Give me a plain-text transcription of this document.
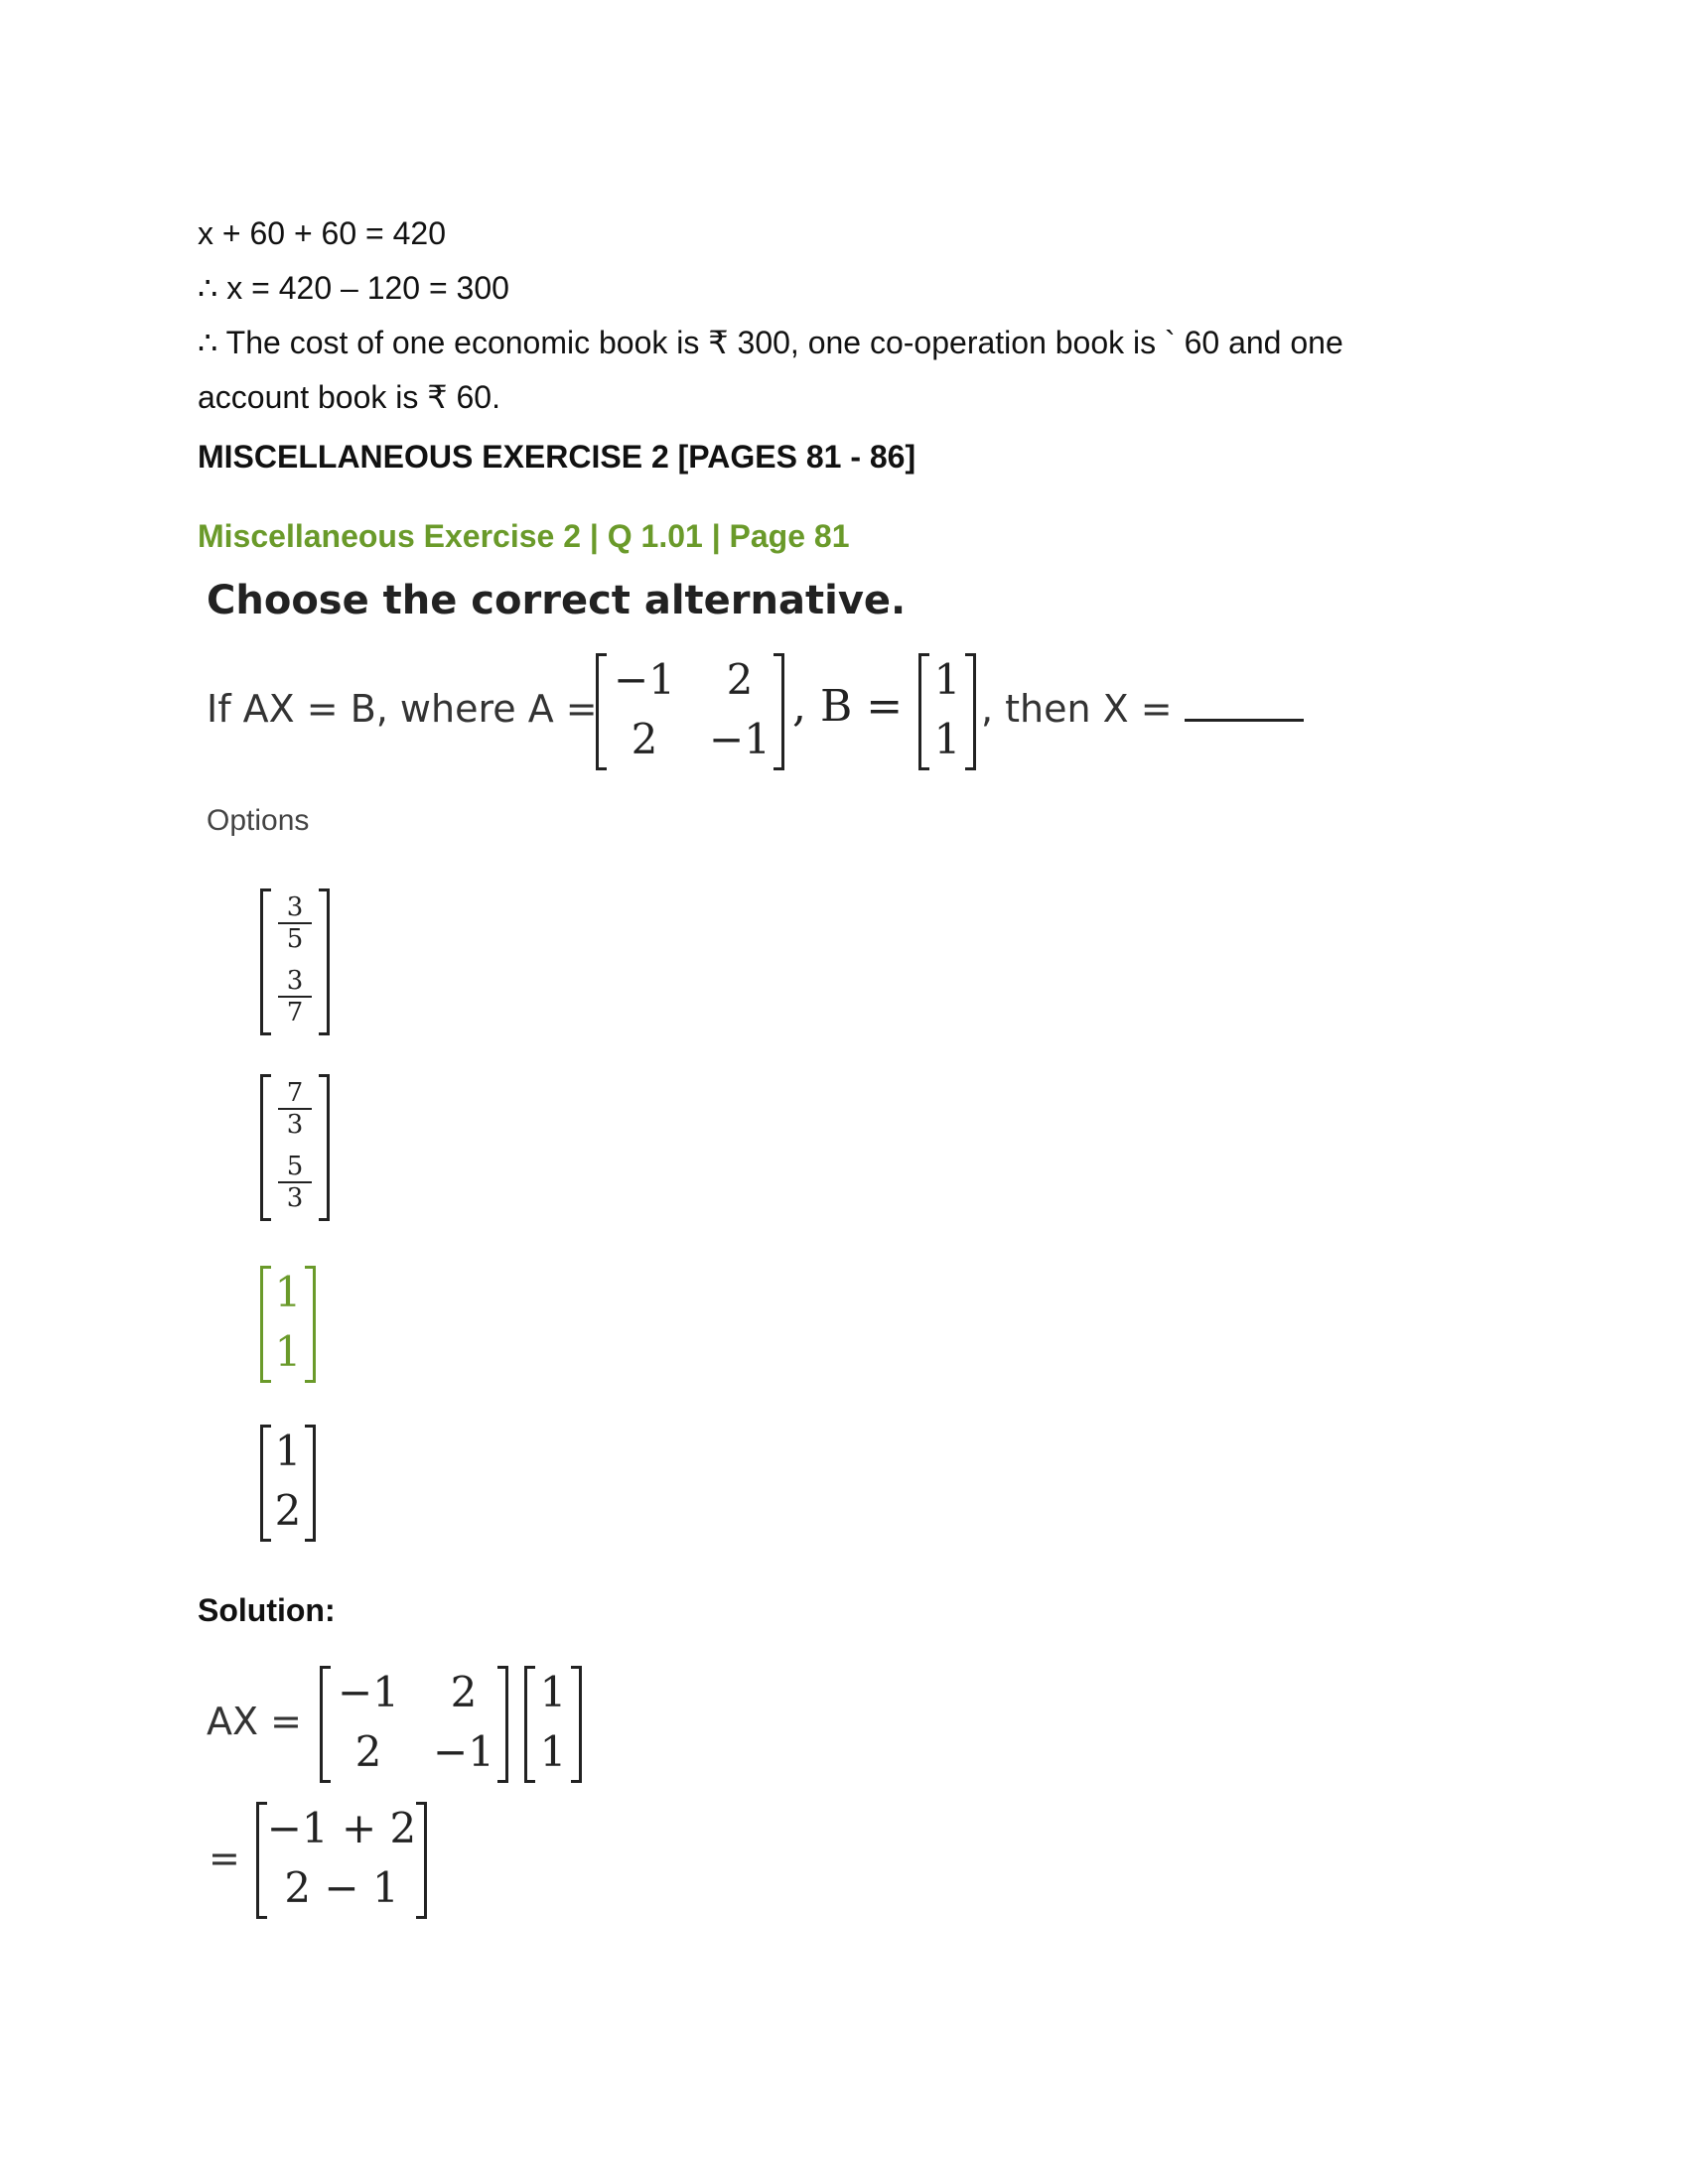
x + 60 + 60 = 420
∴ x = 420 – 120 = 300
∴ The cost of one economic book is ₹ 300, one co-operation book is ` 60 and one
account book is ₹ 60.
MISCELLANEOUS EXERCISE 2 [PAGES 81 - 86]
Miscellaneous Exercise 2 | Q 1.01 | Page 81
Choose the correct alternative.
If AX = B, where A =
−1	2
2	−1
, B =
1
1
, then X =
Options
$\frac{3}{5}$
$\frac{3}{7}$
$\frac{7}{3}$
$\frac{5}{3}$
1
1
1
2
Solution:
AX =
−1	2
2	−1
1
1
=
−1 + 2
2 − 1
